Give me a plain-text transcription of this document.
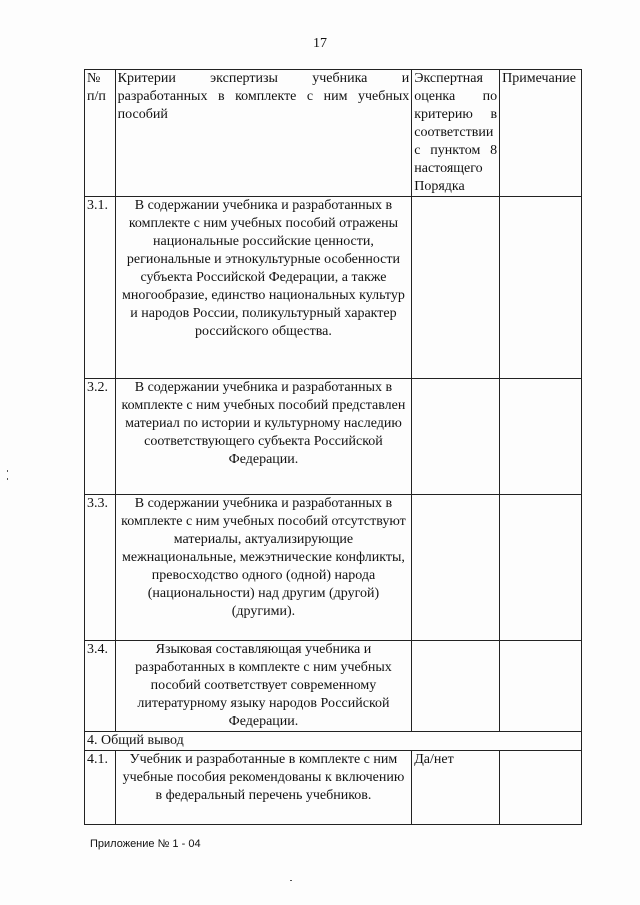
17
№ п/п	Критерии экспертизы учебника и разработанных в комплекте с ним учебных пособий	Экспертная оценка по критерию в соответствии с пунктом 8 настоящего Порядка	Примечание
3.1.	В содержании учебника и разработанных в комплекте с ним учебных пособий отражены национальные российские ценности, региональные и этнокультурные особенности субъекта Российской Федерации, а также многообразие, единство национальных культур и народов России, поликультурный характер российского общества.		
3.2.	В содержании учебника и разработанных в комплекте с ним учебных пособий представлен материал по истории и культурному наследию соответствующего субъекта Российской Федерации.		
3.3.	В содержании учебника и разработанных в комплекте с ним учебных пособий отсутствуют материалы, актуализирующие межнациональные, межэтнические конфликты, превосходство одного (одной) народа (национальности) над другим (другой) (другими).		
3.4.	Языковая составляющая учебника и разработанных в комплекте с ним учебных пособий соответствует современному литературному языку народов Российской Федерации.		
4. Общий вывод			
4.1.	Учебник и разработанные в комплекте с ним учебные пособия рекомендованы к включению в федеральный перечень учебников.	Да/нет	
Приложение № 1 - 04
